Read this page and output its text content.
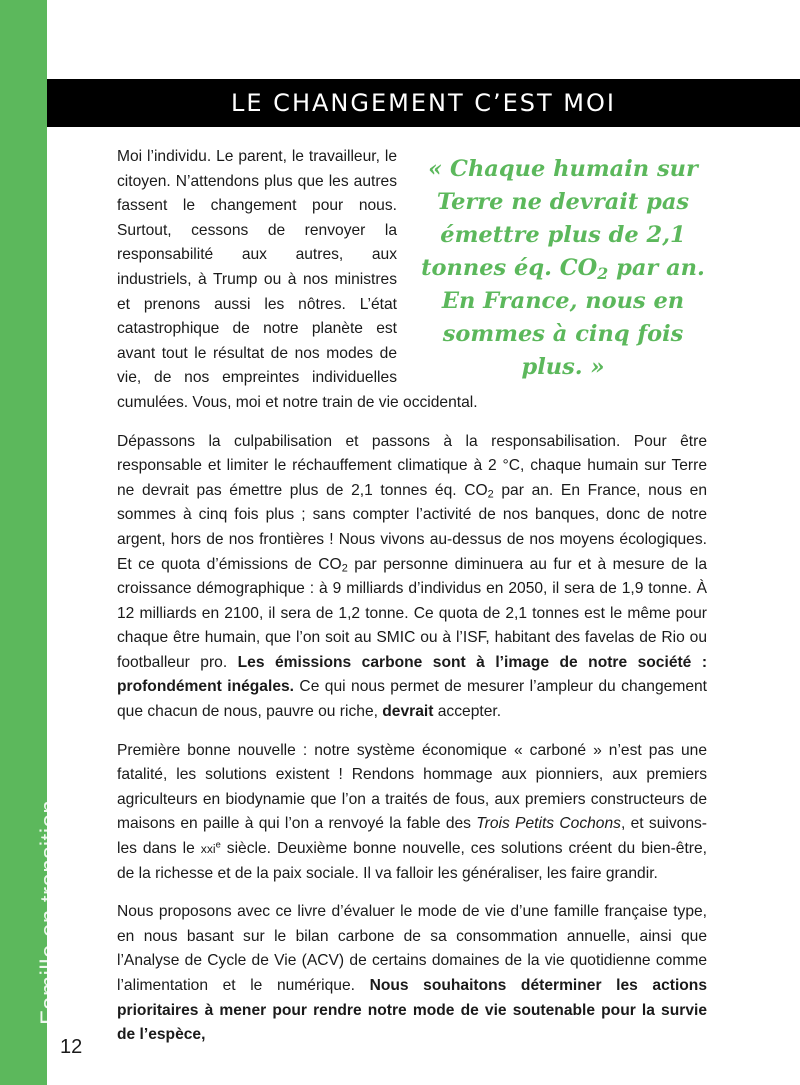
Famille en transition
LE CHANGEMENT C’EST MOI
« Chaque humain sur Terre ne devrait pas émettre plus de 2,1 tonnes éq. $CO_2$ par an. En France, nous en sommes à cinq fois plus. »

Moi l’individu. Le parent, le travailleur, le citoyen. N’attendons plus que les autres fassent le changement pour nous. Surtout, cessons de renvoyer la responsabilité aux autres, aux industriels, à Trump ou à nos ministres et prenons aussi les nôtres. L’état catastrophique de notre planète est avant tout le résultat de nos modes de vie, de nos empreintes individuelles cumulées. Vous, moi et notre train de vie occidental.

Dépassons la culpabilisation et passons à la responsabilisation. Pour être responsable et limiter le réchauffement climatique à 2 °C, chaque humain sur Terre ne devrait pas émettre plus de 2,1 tonnes éq. $CO_2$ par an. En France, nous en sommes à cinq fois plus ; sans compter l’activité de nos banques, donc de notre argent, hors de nos frontières ! Nous vivons au-dessus de nos moyens écologiques. Et ce quota d’émissions de $CO_2$ par personne diminuera au fur et à mesure de la croissance démographique : à 9 milliards d’individus en 2050, il sera de 1,9 tonne. À 12 milliards en 2100, il sera de 1,2 tonne. Ce quota de 2,1 tonnes est le même pour chaque être humain, que l’on soit au SMIC ou à l’ISF, habitant des favelas de Rio ou footballeur pro. Les émissions carbone sont à l’image de notre société : profondément inégales. Ce qui nous permet de mesurer l’ampleur du changement que chacun de nous, pauvre ou riche, devrait accepter.

Première bonne nouvelle : notre système économique « carboné » n’est pas une fatalité, les solutions existent ! Rendons hommage aux pionniers, aux premiers agriculteurs en biodynamie que l’on a traités de fous, aux premiers constructeurs de maisons en paille à qui l’on a renvoyé la fable des Trois Petits Cochons, et suivons-les dans le xxi$^e$ siècle. Deuxième bonne nouvelle, ces solutions créent du bien-être, de la richesse et de la paix sociale. Il va falloir les généraliser, les faire grandir.

Nous proposons avec ce livre d’évaluer le mode de vie d’une famille française type, en nous basant sur le bilan carbone de sa consommation annuelle, ainsi que l’Analyse de Cycle de Vie (ACV) de certains domaines de la vie quotidienne comme l’alimentation et le numérique. Nous souhaitons déterminer les actions prioritaires à mener pour rendre notre mode de vie soutenable pour la survie de l’espèce,

12
